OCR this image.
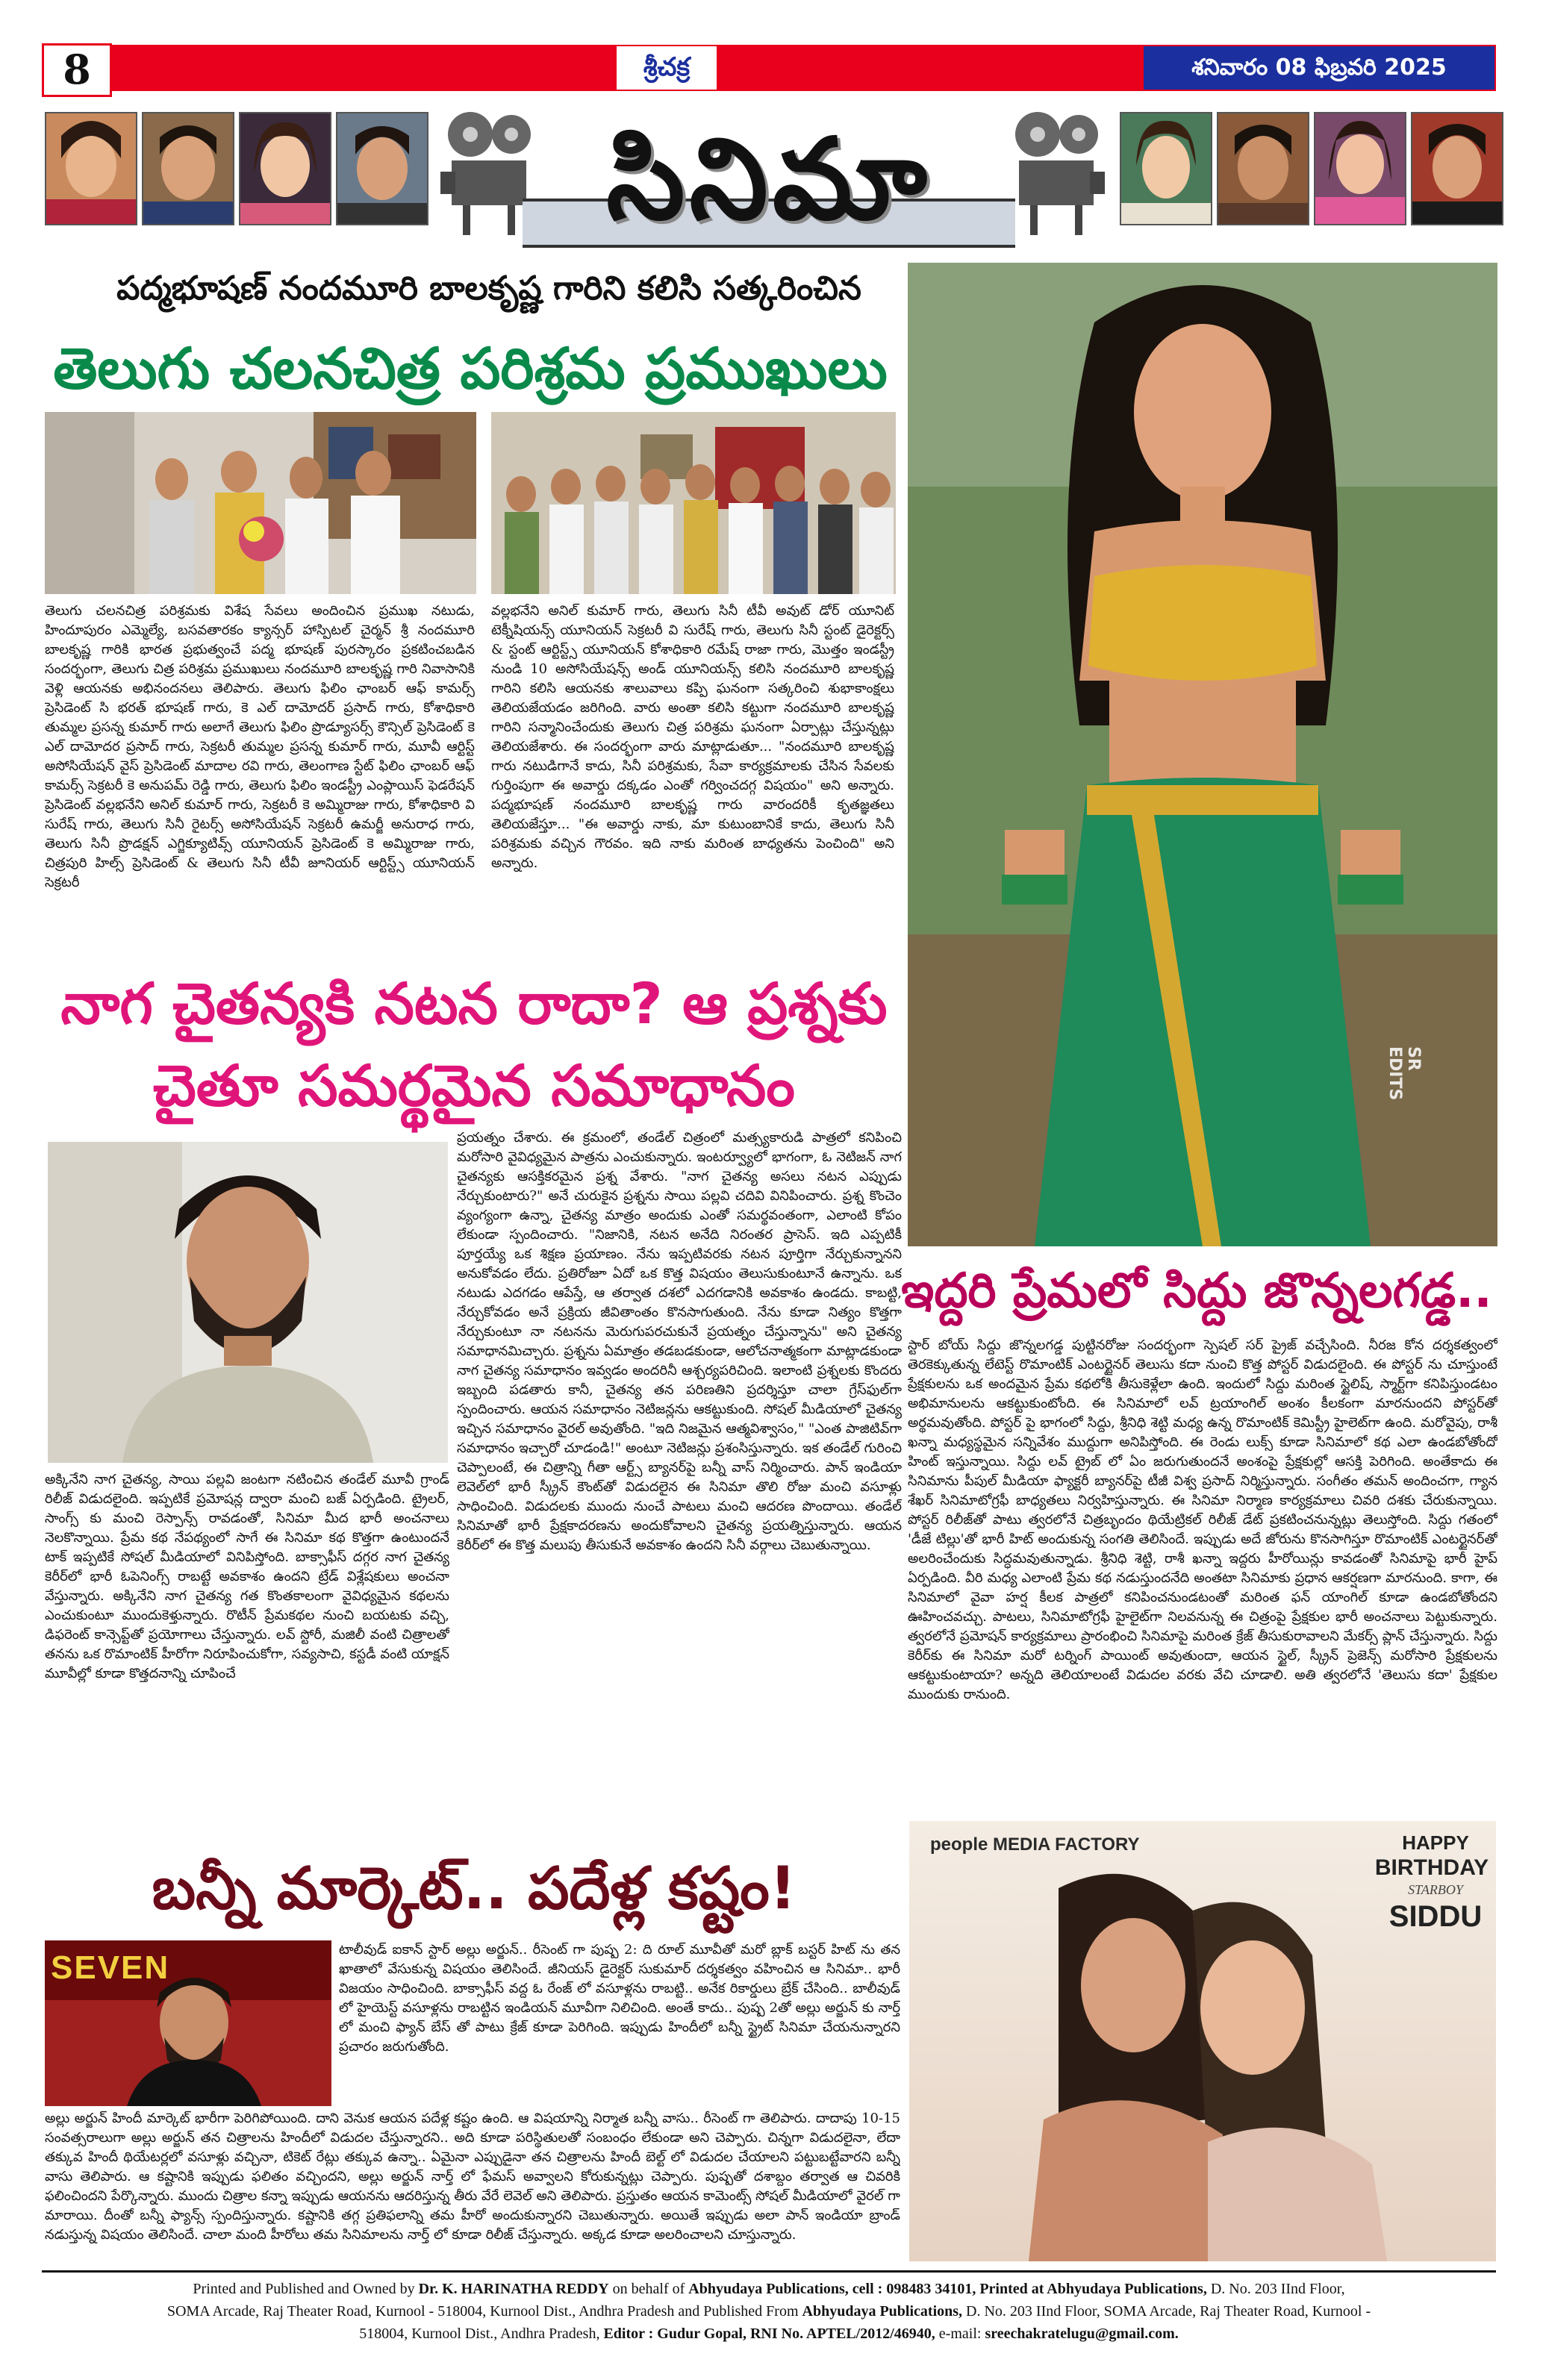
8	శ్రీచక్ర	శనివారం 08 ఫిబ్రవరి 2025
సినిమా
పద్మభూషణ్ నందమూరి బాలకృష్ణ గారిని కలిసి సత్కరించిన
తెలుగు చలనచిత్ర పరిశ్రమ ప్రముఖులు
తెలుగు చలనచిత్ర పరిశ్రమకు విశేష సేవలు అందించిన ప్రముఖ నటుడు, హిందూపురం ఎమ్మెల్యే, బసవతారకం క్యాన్సర్ హాస్పిటల్ చైర్మన్ శ్రీ నందమూరి బాలకృష్ణ గారికి భారత ప్రభుత్వంచే పద్మ భూషణ్ పురస్కారం ప్రకటించబడిన సందర్భంగా, తెలుగు చిత్ర పరిశ్రమ ప్రముఖులు నందమూరి బాలకృష్ణ గారి నివాసానికి వెళ్లి ఆయనకు అభినందనలు తెలిపారు. తెలుగు ఫిలిం ఛాంబర్ ఆఫ్ కామర్స్ ప్రెసిడెంట్ సి భరత్ భూషణ్ గారు, కె ఎల్ దామోదర్ ప్రసాద్ గారు, కోశాధికారి తుమ్మల ప్రసన్న కుమార్ గారు అలాగే తెలుగు ఫిలిం ప్రొడ్యూసర్స్ కౌన్సిల్ ప్రెసిడెంట్ కె ఎల్ దామోదర ప్రసాద్ గారు, సెక్రటరీ తుమ్మల ప్రసన్న కుమార్ గారు, మూవీ ఆర్టిస్ట్ అసోసియేషన్ వైస్ ప్రెసిడెంట్ మాదాల రవి గారు, తెలంగాణ స్టేట్ ఫిలిం ఛాంబర్ ఆఫ్ కామర్స్ సెక్రటరీ కె అనుపమ్ రెడ్డి గారు, తెలుగు ఫిలిం ఇండస్ట్రీ ఎంప్లాయిస్ ఫెడరేషన్ ప్రెసిడెంట్ వల్లభనేని అనిల్ కుమార్ గారు, సెక్రటరీ కె అమ్మిరాజు గారు, కోశాధికారి వి సురేష్ గారు, తెలుగు సినీ రైటర్స్ అసోసియేషన్ సెక్రటరీ ఉమర్జీ అనురాధ గారు, తెలుగు సినీ ప్రొడక్షన్ ఎగ్జిక్యూటివ్స్ యూనియన్ ప్రెసిడెంట్ కె అమ్మిరాజు గారు, చిత్రపురి హిల్స్ ప్రెసిడెంట్ & తెలుగు సినీ టీవీ జూనియర్ ఆర్టిస్ట్స్ యూనియన్ సెక్రటరీ
వల్లభనేని అనిల్ కుమార్ గారు, తెలుగు సినీ టీవీ అవుట్ డోర్ యూనిట్ టెక్నీషియన్స్ యూనియన్ సెక్రటరీ వి సురేష్ గారు, తెలుగు సినీ స్టంట్ డైరెక్టర్స్ & స్టంట్ ఆర్టిస్ట్స్ యూనియన్ కోశాధికారి రమేష్ రాజా గారు, మొత్తం ఇండస్ట్రీ నుండి 10 అసోసియేషన్స్ అండ్ యూనియన్స్ కలిసి నందమూరి బాలకృష్ణ గారిని కలిసి ఆయనకు శాలువాలు కప్పి ఘనంగా సత్కరించి శుభాకాంక్షలు తెలియజేయడం జరిగింది. వారు అంతా కలిసి కట్టుగా నందమూరి బాలకృష్ణ గారిని సన్మానించేందుకు తెలుగు చిత్ర పరిశ్రమ ఘనంగా ఏర్పాట్లు చేస్తున్నట్లు తెలియజేశారు. ఈ సందర్భంగా వారు మాట్లాడుతూ... "నందమూరి బాలకృష్ణ గారు నటుడిగానే కాదు, సినీ పరిశ్రమకు, సేవా కార్యక్రమాలకు చేసిన సేవలకు గుర్తింపుగా ఈ అవార్డు దక్కడం ఎంతో గర్వించదగ్గ విషయం" అని అన్నారు. పద్మభూషణ్ నందమూరి బాలకృష్ణ గారు వారందరికీ కృతజ్ఞతలు తెలియజేస్తూ... "ఈ అవార్డు నాకు, మా కుటుంబానికే కాదు, తెలుగు సినీ పరిశ్రమకు వచ్చిన గౌరవం. ఇది నాకు మరింత బాధ్యతను పెంచింది" అని అన్నారు.
SR EDITS
నాగ చైతన్యకి నటన రాదా? ఆ ప్రశ్నకు
చైతూ సమర్థమైన సమాధానం
ప్రయత్నం చేశారు. ఈ క్రమంలో, తండేల్ చిత్రంలో మత్స్యకారుడి పాత్రలో కనిపించి మరోసారి వైవిధ్యమైన పాత్రను ఎంచుకున్నారు. ఇంటర్వ్యూలో భాగంగా, ఓ నెటిజన్ నాగ చైతన్యకు ఆసక్తికరమైన ప్రశ్న వేశారు. "నాగ చైతన్య అసలు నటన ఎప్పుడు నేర్చుకుంటారు?" అనే చురుకైన ప్రశ్నను సాయి పల్లవి చదివి వినిపించారు. ప్రశ్న కొంచెం వ్యంగ్యంగా ఉన్నా, చైతన్య మాత్రం అందుకు ఎంతో సమర్థవంతంగా, ఎలాంటి కోపం లేకుండా స్పందించారు. "నిజానికి, నటన అనేది నిరంతర ప్రాసెస్. ఇది ఎప్పటికీ పూర్తయ్యే ఒక శిక్షణ ప్రయాణం. నేను ఇప్పటివరకు నటన పూర్తిగా నేర్చుకున్నానని అనుకోవడం లేదు. ప్రతిరోజూ ఏదో ఒక కొత్త విషయం తెలుసుకుంటూనే ఉన్నాను. ఒక నటుడు ఎదగడం ఆపేస్తే, ఆ తర్వాత దశలో ఎదగడానికి అవకాశం ఉండదు. కాబట్టి, నేర్చుకోవడం అనే ప్రక్రియ జీవితాంతం కొనసాగుతుంది. నేను కూడా నిత్యం కొత్తగా నేర్చుకుంటూ నా నటనను మెరుగుపరచుకునే ప్రయత్నం చేస్తున్నాను" అని చైతన్య సమాధానమిచ్చారు. ప్రశ్నను ఏమాత్రం తడబడకుండా, ఆలోచనాత్మకంగా మాట్లాడకుండా నాగ చైతన్య సమాధానం ఇవ్వడం అందరినీ ఆశ్చర్యపరిచింది. ఇలాంటి ప్రశ్నలకు కొందరు ఇబ్బంది పడతారు కానీ, చైతన్య తన పరిణతిని ప్రదర్శిస్తూ చాలా గ్రేస్‌ఫుల్‌గా స్పందించారు. ఆయన సమాధానం నెటిజన్లను ఆకట్టుకుంది. సోషల్ మీడియాలో చైతన్య ఇచ్చిన సమాధానం వైరల్ అవుతోంది. "ఇది నిజమైన ఆత్మవిశ్వాసం," "ఎంత పాజిటివ్‌గా సమాధానం ఇచ్చారో చూడండి!" అంటూ నెటిజన్లు ప్రశంసిస్తున్నారు. ఇక తండేల్ గురించి చెప్పాలంటే, ఈ చిత్రాన్ని గీతా ఆర్ట్స్ బ్యానర్‌పై బన్నీ వాస్ నిర్మించారు. పాన్ ఇండియా లెవెల్‌లో భారీ స్క్రీన్ కౌంట్‌తో విడుదలైన ఈ సినిమా తొలి రోజు మంచి వసూళ్లు సాధించింది. విడుదలకు ముందు నుంచే పాటలు మంచి ఆదరణ పొందాయి. తండేల్ సినిమాతో భారీ ప్రేక్షకాదరణను అందుకోవాలని చైతన్య ప్రయత్నిస్తున్నారు. ఆయన కెరీర్‌లో ఈ కొత్త మలుపు తీసుకునే అవకాశం ఉందని సినీ వర్గాలు చెబుతున్నాయి.
అక్కినేని నాగ చైతన్య, సాయి పల్లవి జంటగా నటించిన తండేల్ మూవీ గ్రాండ్ రిలీజ్ విడుదలైంది. ఇప్పటికే ప్రమోషన్ల ద్వారా మంచి బజ్ ఏర్పడింది. ట్రైలర్, సాంగ్స్ కు మంచి రెస్పాన్స్ రావడంతో, సినిమా మీద భారీ అంచనాలు నెలకొన్నాయి. ప్రేమ కథ నేపథ్యంలో సాగే ఈ సినిమా కథ కొత్తగా ఉంటుందనే టాక్ ఇప్పటికే సోషల్ మీడియాలో వినిపిస్తోంది. బాక్సాఫీస్ దగ్గర నాగ చైతన్య కెరీర్‌లో భారీ ఓపెనింగ్స్ రాబట్టే అవకాశం ఉందని ట్రేడ్ విశ్లేషకులు అంచనా వేస్తున్నారు. అక్కినేని నాగ చైతన్య గత కొంతకాలంగా వైవిధ్యమైన కథలను ఎంచుకుంటూ ముందుకెళ్తున్నారు. రొటీన్ ప్రేమకథల నుంచి బయటకు వచ్చి, డిఫరెంట్ కాన్సెప్ట్‌తో ప్రయోగాలు చేస్తున్నారు. లవ్ స్టోరీ, మజిలీ వంటి చిత్రాలతో తనను ఒక రొమాంటిక్ హీరోగా నిరూపించుకోగా, సవ్యసాచి, కస్టడీ వంటి యాక్షన్ మూవీల్లో కూడా కొత్తదనాన్ని చూపించే
ఇద్దరి ప్రేమలో సిద్దు జొన్నలగడ్డ..
స్టార్ బోయ్ సిద్దు జొన్నలగడ్డ పుట్టినరోజు సందర్భంగా స్పెషల్ సర్ ప్రైజ్ వచ్చేసింది. నీరజ కోన దర్శకత్వంలో తెరకెక్కుతున్న లేటెస్ట్ రొమాంటిక్ ఎంటర్టైనర్ తెలుసు కదా నుంచి కొత్త పోస్టర్ విడుదలైంది. ఈ పోస్టర్ ను చూస్తుంటే ప్రేక్షకులను ఒక అందమైన ప్రేమ కథలోకి తీసుకెళ్లేలా ఉంది. ఇందులో సిద్దు మరింత స్టైలిష్, స్మార్ట్‌గా కనిపిస్తుండటం అభిమానులను ఆకట్టుకుంటోంది. ఈ సినిమాలో లవ్ ట్రయాంగిల్ అంశం కీలకంగా మారనుందని పోస్టర్‌తో అర్థమవుతోంది. పోస్టర్ పై భాగంలో సిద్దు, శ్రీనిధి శెట్టి మధ్య ఉన్న రొమాంటిక్ కెమిస్ట్రీ హైలెట్‌గా ఉంది. మరోవైపు, రాశీ ఖన్నా మధ్యస్థమైన సన్నివేశం ముద్దుగా అనిపిస్తోంది. ఈ రెండు లుక్స్ కూడా సినిమాలో కథ ఎలా ఉండబోతోందో హింట్ ఇస్తున్నాయి. సిద్దు లవ్ ట్రైబ్ లో ఏం జరుగుతుందనే అంశంపై ప్రేక్షకుల్లో ఆసక్తి పెరిగింది. అంతేకాదు ఈ సినిమాను పీపుల్ మీడియా ఫ్యాక్టరీ బ్యానర్‌పై టీజీ విశ్వ ప్రసాద్ నిర్మిస్తున్నారు. సంగీతం తమన్ అందించగా, గ్యాన శేఖర్ సినిమాటోగ్రఫీ బాధ్యతలు నిర్వహిస్తున్నారు. ఈ సినిమా నిర్మాణ కార్యక్రమాలు చివరి దశకు చేరుకున్నాయి. పోస్టర్ రిలీజ్‌తో పాటు త్వరలోనే చిత్రబృందం థియేట్రికల్ రిలీజ్ డేట్ ప్రకటించనున్నట్లు తెలుస్తోంది. సిద్దు గతంలో 'డీజే టిల్లు'తో భారీ హిట్ అందుకున్న సంగతి తెలిసిందే. ఇప్పుడు అదే జోరును కొనసాగిస్తూ రొమాంటిక్ ఎంటర్టైనర్‌తో అలరించేందుకు సిద్ధమవుతున్నాడు. శ్రీనిధి శెట్టి, రాశీ ఖన్నా ఇద్దరు హీరోయిన్లు కావడంతో సినిమాపై భారీ హైప్ ఏర్పడింది. వీరి మధ్య ఎలాంటి ప్రేమ కథ నడుస్తుందనేది అంతటా సినిమాకు ప్రధాన ఆకర్షణగా మారనుంది. కాగా, ఈ సినిమాలో వైవా హర్ష కీలక పాత్రలో కనిపించనుండటంతో మరింత ఫన్ యాంగిల్ కూడా ఉండబోతోందని ఊహించవచ్చు. పాటలు, సినిమాటోగ్రఫీ హైలైట్‌గా నిలవనున్న ఈ చిత్రంపై ప్రేక్షకుల భారీ అంచనాలు పెట్టుకున్నారు. త్వరలోనే ప్రమోషన్ కార్యక్రమాలు ప్రారంభించి సినిమాపై మరింత క్రేజ్ తీసుకురావాలని మేకర్స్ ప్లాన్ చేస్తున్నారు. సిద్దు కెరీర్‌కు ఈ సినిమా మరో టర్నింగ్ పాయింట్ అవుతుందా, ఆయన స్టైల్, స్క్రీన్ ప్రెజెన్స్ మరోసారి ప్రేక్షకులను ఆకట్టుకుంటాయా? అన్నది తెలియాలంటే విడుదల వరకు వేచి చూడాలి. అతి త్వరలోనే 'తెలుసు కదా' ప్రేక్షకుల ముందుకు రానుంది.
people MEDIA FACTORY	HAPPY
BIRTHDAY
STARBOY
SIDDU
బన్నీ మార్కెట్.. పదేళ్ల కష్టం!
SEVEN	టాలీవుడ్ ఐకాన్ స్టార్ అల్లు అర్జున్.. రీసెంట్ గా పుష్ప 2: ది రూల్ మూవీతో మరో బ్లాక్ బస్టర్ హిట్ ను తన ఖాతాలో వేసుకున్న విషయం తెలిసిందే. జీనియస్ డైరెక్టర్ సుకుమార్ దర్శకత్వం వహించిన ఆ సినిమా.. భారీ విజయం సాధించింది. బాక్సాఫీస్ వద్ద ఓ రేంజ్ లో వసూళ్లను రాబట్టి.. అనేక రికార్డులు బ్రేక్ చేసింది.. బాలీవుడ్ లో హైయెస్ట్ వసూళ్లను రాబట్టిన ఇండియన్ మూవీగా నిలిచింది. అంతే కాదు.. పుష్ప 2తో అల్లు అర్జున్ కు నార్త్ లో మంచి ఫ్యాన్ బేస్ తో పాటు క్రేజ్ కూడా పెరిగింది. ఇప్పుడు హిందీలో బన్నీ స్ట్రైట్ సినిమా చేయనున్నారని ప్రచారం జరుగుతోంది.
అల్లు అర్జున్ హిందీ మార్కెట్ భారీగా పెరిగిపోయింది. దాని వెనుక ఆయన పదేళ్ల కష్టం ఉంది. ఆ విషయాన్ని నిర్మాత బన్నీ వాసు.. రీసెంట్ గా తెలిపారు. దాదాపు 10-15 సంవత్సరాలుగా అల్లు అర్జున్ తన చిత్రాలను హిందీలో విడుదల చేస్తున్నారని.. అది కూడా పరిస్థితులతో సంబంధం లేకుండా అని చెప్పారు. చిన్నగా విడుదలైనా, లేదా తక్కువ హిందీ థియేటర్లలో వసూళ్లు వచ్చినా, టికెట్ రేట్లు తక్కువ ఉన్నా.. ఏమైనా ఎప్పుడైనా తన చిత్రాలను హిందీ బెల్ట్ లో విడుదల చేయాలని పట్టుబట్టేవారని బన్నీ వాసు తెలిపారు. ఆ కష్టానికి ఇప్పుడు ఫలితం వచ్చిందని, అల్లు అర్జున్ నార్త్ లో ఫేమస్ అవ్వాలని కోరుకున్నట్లు చెప్పారు. పుష్పతో దశాబ్దం తర్వాత ఆ చివరికి ఫలించిందని పేర్కొన్నారు. ముందు చిత్రాల కన్నా ఇప్పుడు ఆయనను ఆదరిస్తున్న తీరు వేరే లెవెల్ అని తెలిపారు. ప్రస్తుతం ఆయన కామెంట్స్ సోషల్ మీడియాలో వైరల్ గా మారాయి. దీంతో బన్నీ ఫ్యాన్స్ స్పందిస్తున్నారు. కష్టానికి తగ్గ ప్రతిఫలాన్ని తమ హీరో అందుకున్నారని చెబుతున్నారు. అయితే ఇప్పుడు అలా పాన్ ఇండియా బ్రాండ్ నడుస్తున్న విషయం తెలిసిందే. చాలా మంది హీరోలు తమ సినిమాలను నార్త్ లో కూడా రిలీజ్ చేస్తున్నారు. అక్కడ కూడా అలరించాలని చూస్తున్నారు.
Printed and Published and Owned by Dr. K. HARINATHA REDDY on behalf of Abhyudaya Publications, cell : 098483 34101, Printed at Abhyudaya Publications, D. No. 203 IInd Floor,
SOMA Arcade, Raj Theater Road, Kurnool - 518004, Kurnool Dist., Andhra Pradesh and Published From Abhyudaya Publications, D. No. 203 IInd Floor, SOMA Arcade, Raj Theater Road, Kurnool -
518004, Kurnool Dist., Andhra Pradesh, Editor : Gudur Gopal, RNI No. APTEL/2012/46940, e-mail: sreechakratelugu@gmail.com.
